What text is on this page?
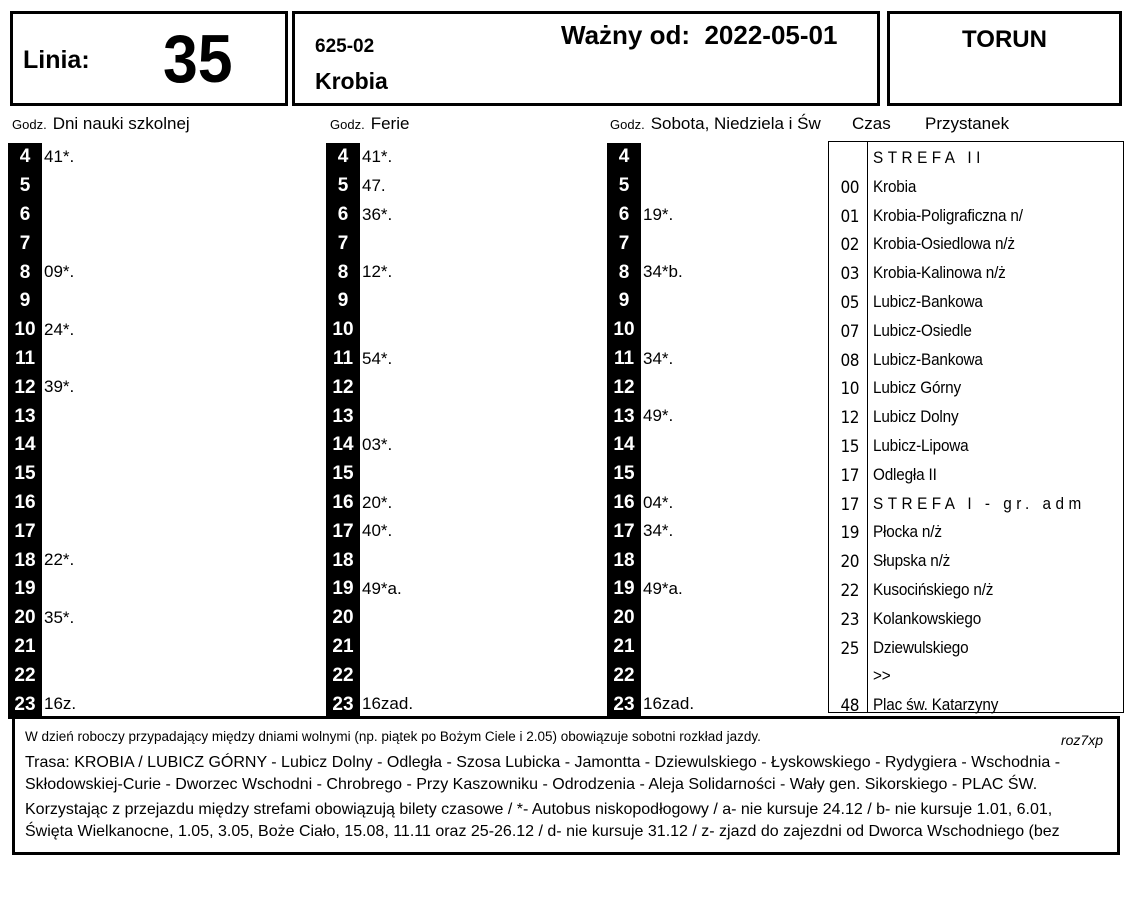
Linia: 35	625-02
Krobia
Ważny od:  2022-05-01	TORUN
Godz. Dni nauki szkolnej	Godz. Ferie	Godz. Sobota, Niedziela i Św Czas Przystanek
4 41*.
5
6
7
8 09*.
9
10 24*.
11
12 39*.
13
14
15
16
17
18 22*.
19
20 35*.
21
22
23 16z.
4 41*.
5 47.
6 36*.
7
8 12*.
9
10
11 54*.
12
13
14 03*.
15
16 20*.
17 40*.
18
19 49*a.
20
21
22
23 16zad.
4
5
6 19*.
7
8 34*b.
9
10
11 34*.
12
13 49*.
14
15
16 04*.
17 34*.
18
19 49*a.
20
21
22
23 16zad.
STREFA II
00 Krobia
01 Krobia-Poligraficzna n/
02 Krobia-Osiedlowa n/ż
03 Krobia-Kalinowa n/ż
05 Lubicz-Bankowa
07 Lubicz-Osiedle
08 Lubicz-Bankowa
10 Lubicz Górny
12 Lubicz Dolny
15 Lubicz-Lipowa
17 Odległa II
17 STREFA I - gr. adm
19 Płocka n/ż
20 Słupska n/ż
22 Kusocińskiego n/ż
23 Kolankowskiego
25 Dziewulskiego
>>
48 Plac św. Katarzyny
W dzień roboczy przypadający między dniami wolnymi (np. piątek po Bożym Ciele i 2.05) obowiązuje sobotni rozkład jazdy.	roz7xp
Trasa: KROBIA / LUBICZ GÓRNY - Lubicz Dolny - Odległa - Szosa Lubicka - Jamontta - Dziewulskiego - Łyskowskiego - Rydygiera - Wschodnia - Skłodowskiej-Curie - Dworzec Wschodni - Chrobrego - Przy Kaszowniku - Odrodzenia - Aleja Solidarności - Wały gen. Sikorskiego - PLAC ŚW.
Korzystając z przejazdu między strefami obowiązują bilety czasowe / *- Autobus niskopodłogowy / a- nie kursuje 24.12 / b- nie kursuje 1.01, 6.01,
Święta Wielkanocne, 1.05, 3.05, Boże Ciało, 15.08, 11.11 oraz 25-26.12 / d- nie kursuje 31.12 / z- zjazd do zajezdni od Dworca Wschodniego (bez
